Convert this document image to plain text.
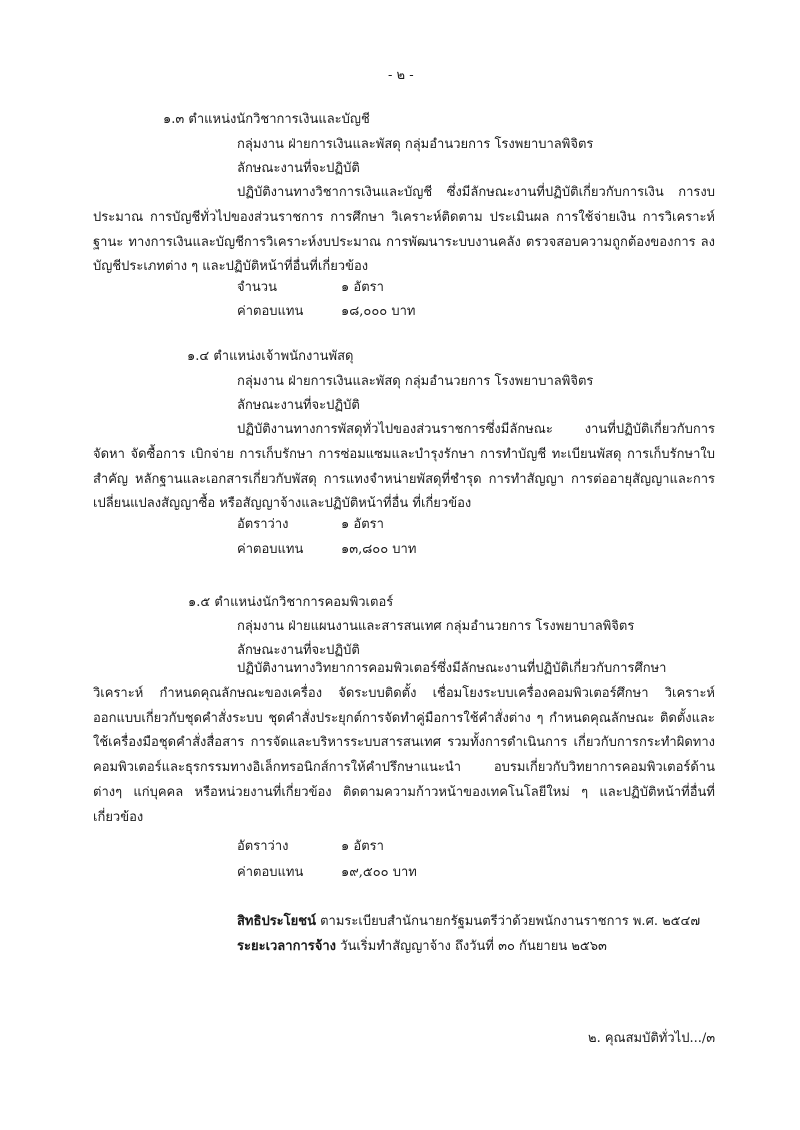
- ๒ -
๑.๓ ตำแหน่งนักวิชาการเงินและบัญชี
กลุ่มงาน ฝ่ายการเงินและพัสดุ กลุ่มอำนวยการ โรงพยาบาลพิจิตร
ลักษณะงานที่จะปฏิบัติ

ปฏิบัติงานทางวิชาการเงินและบัญชี ซึ่งมีลักษณะงานที่ปฏิบัติเกี่ยวกับการเงิน การงบประมาณ การบัญชีทั่วไปของส่วนราชการ การศึกษา วิเคราะห์ติดตาม ประเมินผล การใช้จ่ายเงิน การวิเคราะห์ฐานะ ทางการเงินและบัญชีการวิเคราะห์งบประมาณ การพัฒนาระบบงานคลัง ตรวจสอบความถูกต้องของการ ลงบัญชีประเภทต่าง ๆ และปฏิบัติหน้าที่อื่นที่เกี่ยวข้อง

จำนวน	๑ อัตรา
ค่าตอบแทน	๑๘,๐๐๐ บาท
๑.๔ ตำแหน่งเจ้าพนักงานพัสดุ
กลุ่มงาน ฝ่ายการเงินและพัสดุ กลุ่มอำนวยการ โรงพยาบาลพิจิตร
ลักษณะงานที่จะปฏิบัติ

ปฏิบัติงานทางการพัสดุทั่วไปของส่วนราชการซึ่งมีลักษณะ งานที่ปฏิบัติเกี่ยวกับการจัดหา จัดซื้อการ เบิกจ่าย การเก็บรักษา การซ่อมแซมและบำรุงรักษา การทำบัญชี ทะเบียนพัสดุ การเก็บรักษาใบสำคัญ หลักฐานและเอกสารเกี่ยวกับพัสดุ การแทงจำหน่ายพัสดุที่ชำรุด การทำสัญญา การต่ออายุสัญญาและการเปลี่ยนแปลงสัญญาซื้อ หรือสัญญาจ้างและปฏิบัติหน้าที่อื่น ที่เกี่ยวข้อง

อัตราว่าง	๑ อัตรา
ค่าตอบแทน	๑๓,๘๐๐ บาท
๑.๕ ตำแหน่งนักวิชาการคอมพิวเตอร์
กลุ่มงาน ฝ่ายแผนงานและสารสนเทศ กลุ่มอำนวยการ โรงพยาบาลพิจิตร
ลักษณะงานที่จะปฏิบัติ

ปฏิบัติงานทางวิทยาการคอมพิวเตอร์ซึ่งมีลักษณะงานที่ปฏิบัติเกี่ยวกับการศึกษา วิเคราะห์ กำหนดคุณลักษณะของเครื่อง จัดระบบติดตั้ง เชื่อมโยงระบบเครื่องคอมพิวเตอร์ศึกษา วิเคราะห์ ออกแบบเกี่ยวกับชุดคำสั่งระบบ ชุดคำสั่งประยุกต์การจัดทำคู่มือการใช้คำสั่งต่าง ๆ กำหนดคุณลักษณะ ติดตั้งและใช้เครื่องมือชุดคำสั่งสื่อสาร การจัดและบริหารระบบสารสนเทศ รวมทั้งการดำเนินการ เกี่ยวกับการกระทำผิดทางคอมพิวเตอร์และธุรกรรมทางอิเล็กทรอนิกส์การให้คำปรึกษาแนะนำ อบรมเกี่ยวกับวิทยาการคอมพิวเตอร์ด้านต่างๆ แก่บุคคล หรือหน่วยงานที่เกี่ยวข้อง ติดตามความก้าวหน้าของเทคโนโลยีใหม่ ๆ และปฏิบัติหน้าที่อื่นที่เกี่ยวข้อง

อัตราว่าง	๑ อัตรา
ค่าตอบแทน	๑๙,๕๐๐ บาท
สิทธิประโยชน์ ตามระเบียบสำนักนายกรัฐมนตรีว่าด้วยพนักงานราชการ พ.ศ. ๒๕๔๗
ระยะเวลาการจ้าง วันเริ่มทำสัญญาจ้าง ถึงวันที่ ๓๐ กันยายน ๒๕๖๓
๒. คุณสมบัติทั่วไป.../๓
